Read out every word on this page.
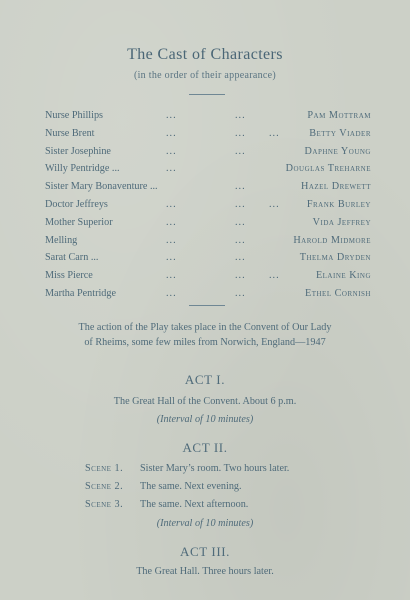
The Cast of Characters
(in the order of their appearance)
Nurse Phillips	...	...	Pam Mottram
Nurse Brent	...	... ...	Betty Viader
Sister Josephine	...	...	Daphne Young
Willy Pentridge ...	...	Douglas Treharne
Sister Mary Bonaventure ...	...	Hazel Drewett
Doctor Jeffreys	...	... ...	Frank Burley
Mother Superior	...	...	Vida Jeffrey
Melling	...	...	Harold Midmore
Sarat Carn ...	...	...	Thelma Dryden
Miss Pierce	...	... ...	Elaine King
Martha Pentridge	...	...	Ethel Cornish
The action of the Play takes place in the Convent of Our Lady
of Rheims, some few miles from Norwich, England—1947
ACT I.
The Great Hall of the Convent. About 6 p.m.
(Interval of 10 minutes)
ACT II.
Scene 1. Sister Mary’s room. Two hours later.
Scene 2. The same. Next evening.
Scene 3. The same. Next afternoon.
(Interval of 10 minutes)
ACT III.
The Great Hall. Three hours later.
